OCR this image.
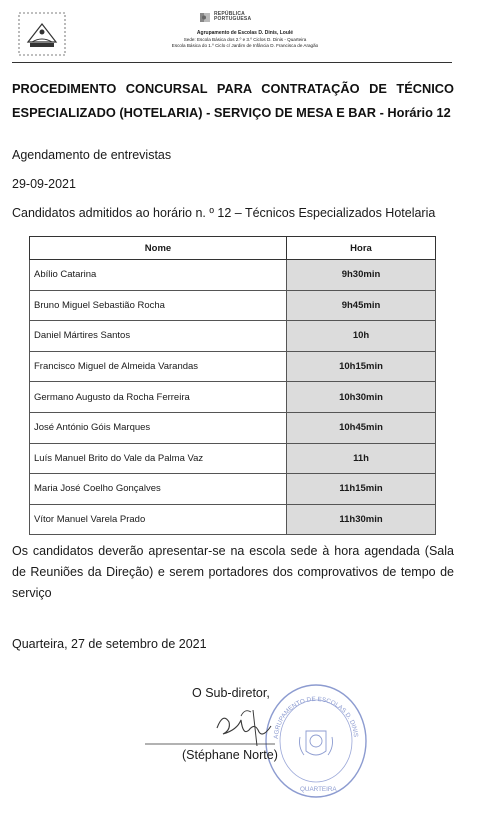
REPÚBLICA
PORTUGUESA
Agrupamento de Escolas D. Dinis, Loulé
Sede: Escola Básica dos 2.º e 3.º Ciclos D. Dinis - Quarteira
Escola Básica do 1.º Ciclo c/ Jardim de Infância D. Francisca de Aragão
PROCEDIMENTO CONCURSAL PARA CONTRATAÇÃO DE TÉCNICO
ESPECIALIZADO (HOTELARIA) - SERVIÇO DE MESA E BAR - Horário 12
Agendamento de entrevistas
29-09-2021
Candidatos admitidos ao horário n. º 12 – Técnicos Especializados Hotelaria
Nome	Hora
Abílio Catarina	9h30min
Bruno Miguel Sebastião Rocha	9h45min
Daniel Mártires Santos	10h
Francisco Miguel de Almeida Varandas	10h15min
Germano Augusto da Rocha Ferreira	10h30min
José António Góis Marques	10h45min
Luís Manuel Brito do Vale da Palma Vaz	11h
Maria José Coelho Gonçalves	11h15min
Vítor Manuel Varela Prado	11h30min
Os candidatos deverão apresentar-se na escola sede à hora agendada (Sala de Reuniões da Direção) e serem portadores dos comprovativos de tempo de serviço
Quarteira, 27 de setembro de 2021
AGRUPAMENTO DE ESCOLAS D. DINIS
QUARTEIRA
O Sub-diretor,
(Stéphane Norte)
